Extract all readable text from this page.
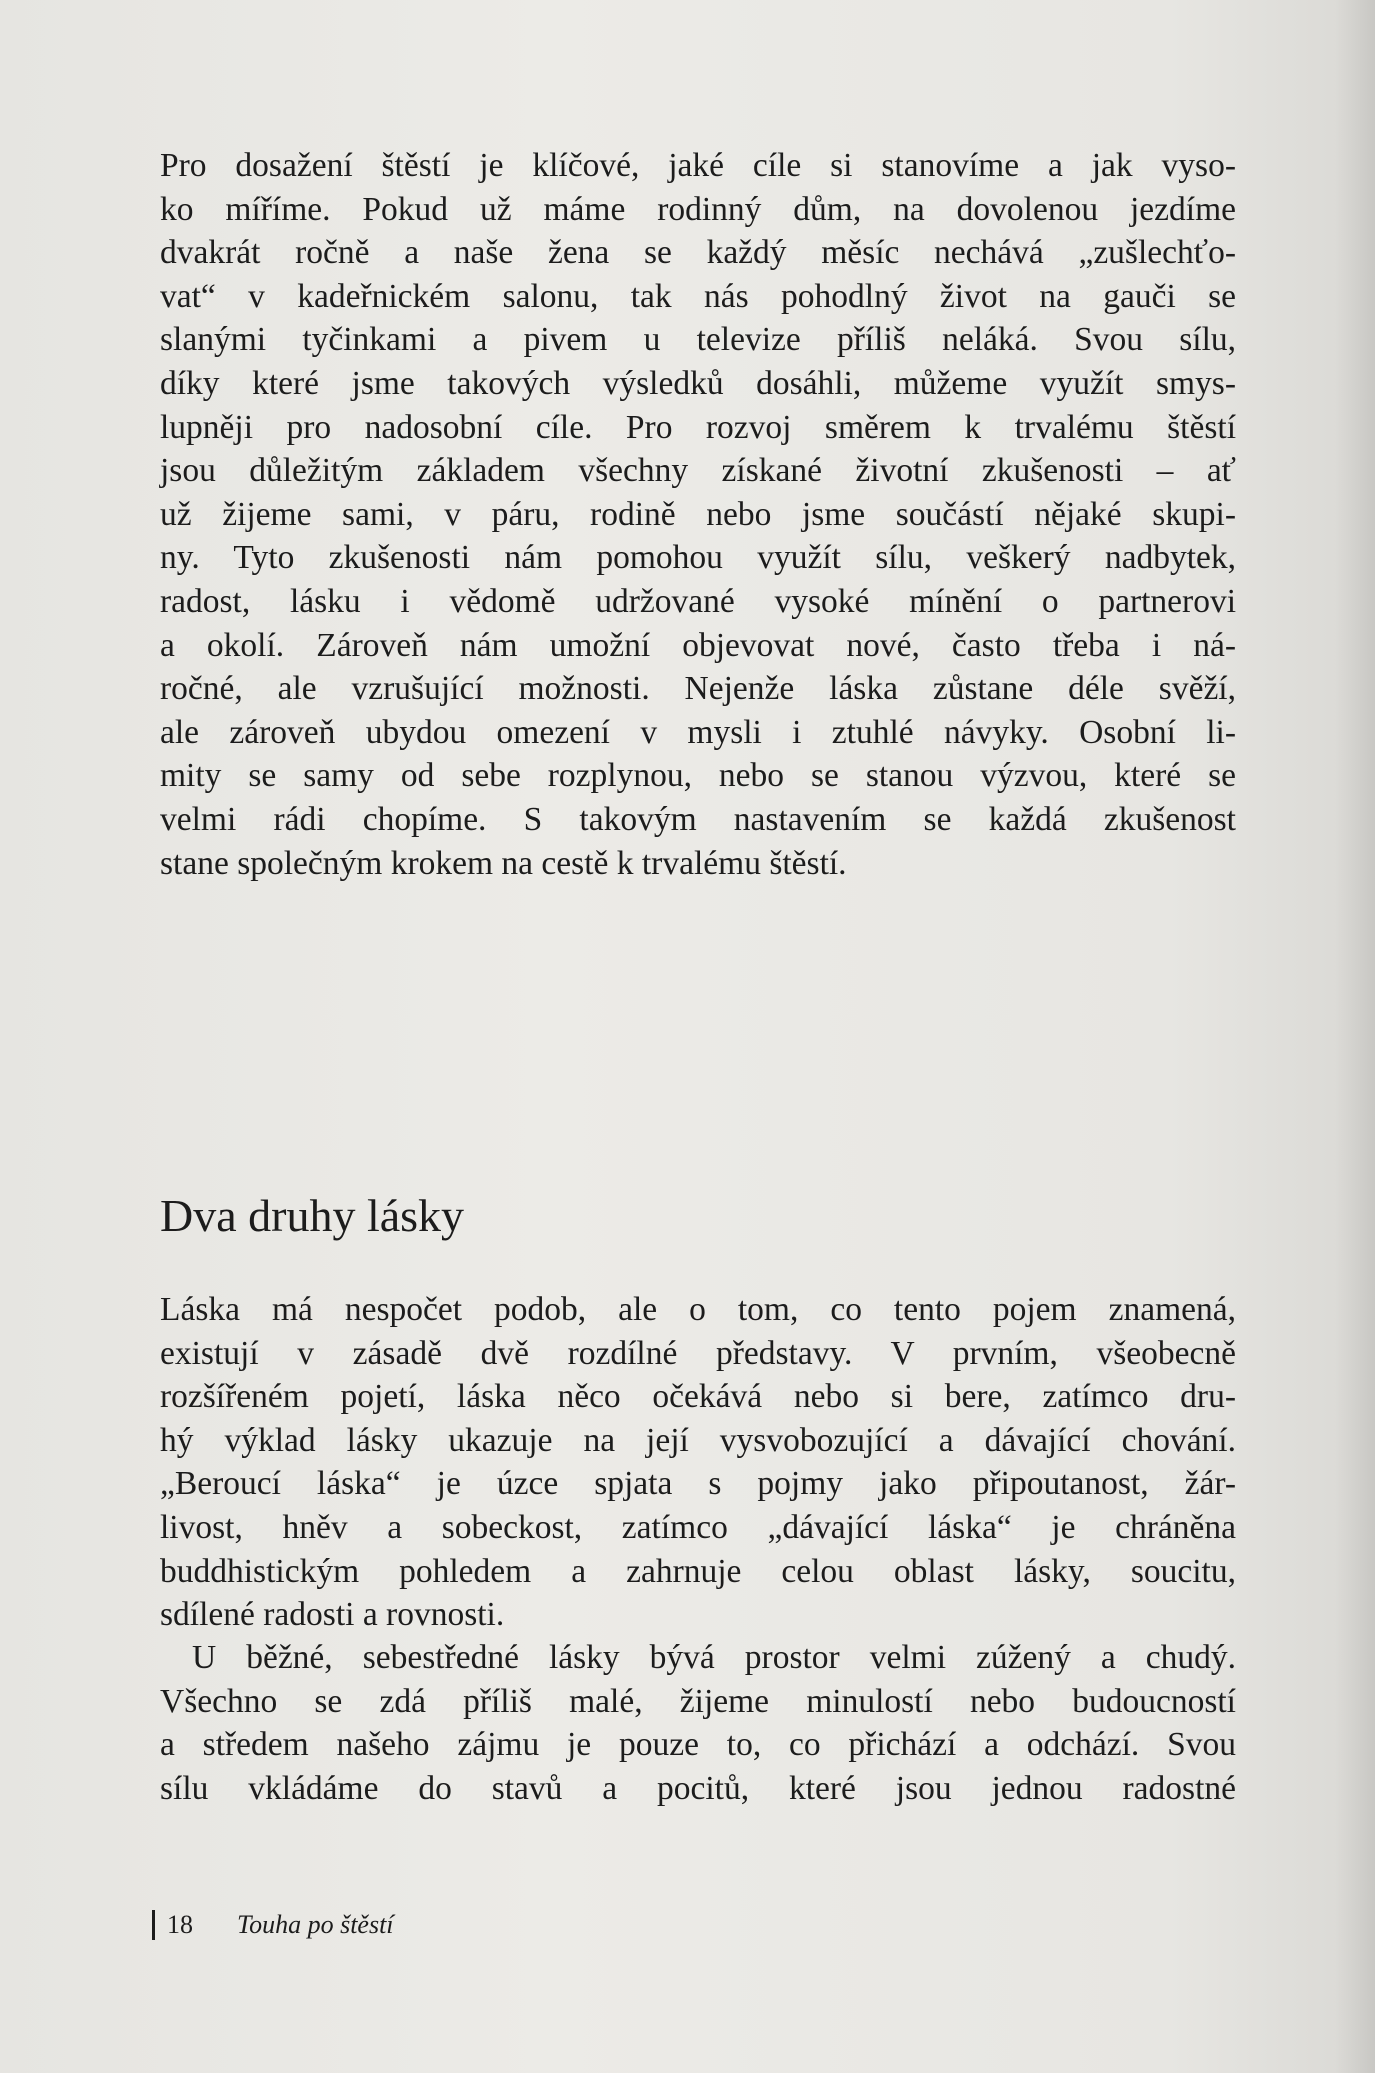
Pro dosažení štěstí je klíčové, jaké cíle si stanovíme a jak vyso-
ko míříme. Pokud už máme rodinný dům, na dovolenou jezdíme
dvakrát ročně a naše žena se každý měsíc nechává „zušlechťo-
vat“ v kadeřnickém salonu, tak nás pohodlný život na gauči se
slanými tyčinkami a pivem u televize příliš neláká. Svou sílu,
díky které jsme takových výsledků dosáhli, můžeme využít smys-
lupněji pro nadosobní cíle. Pro rozvoj směrem k trvalému štěstí
jsou důležitým základem všechny získané životní zkušenosti – ať
už žijeme sami, v páru, rodině nebo jsme součástí nějaké skupi-
ny. Tyto zkušenosti nám pomohou využít sílu, veškerý nadbytek,
radost, lásku i vědomě udržované vysoké mínění o partnerovi
a okolí. Zároveň nám umožní objevovat nové, často třeba i ná-
ročné, ale vzrušující možnosti. Nejenže láska zůstane déle svěží,
ale zároveň ubydou omezení v mysli i ztuhlé návyky. Osobní li-
mity se samy od sebe rozplynou, nebo se stanou výzvou, které se
velmi rádi chopíme. S takovým nastavením se každá zkušenost
stane společným krokem na cestě k trvalému štěstí.
Dva druhy lásky
Láska má nespočet podob, ale o tom, co tento pojem znamená,
existují v zásadě dvě rozdílné představy. V prvním, všeobecně
rozšířeném pojetí, láska něco očekává nebo si bere, zatímco dru-
hý výklad lásky ukazuje na její vysvobozující a dávající chování.
„Beroucí láska“ je úzce spjata s pojmy jako připoutanost, žár-
livost, hněv a sobeckost, zatímco „dávající láska“ je chráněna
buddhistickým pohledem a zahrnuje celou oblast lásky, soucitu,
sdílené radosti a rovnosti.
U běžné, sebestředné lásky bývá prostor velmi zúžený a chudý.
Všechno se zdá příliš malé, žijeme minulostí nebo budoucností
a středem našeho zájmu je pouze to, co přichází a odchází. Svou
sílu vkládáme do stavů a pocitů, které jsou jednou radostné
18 Touha po štěstí
